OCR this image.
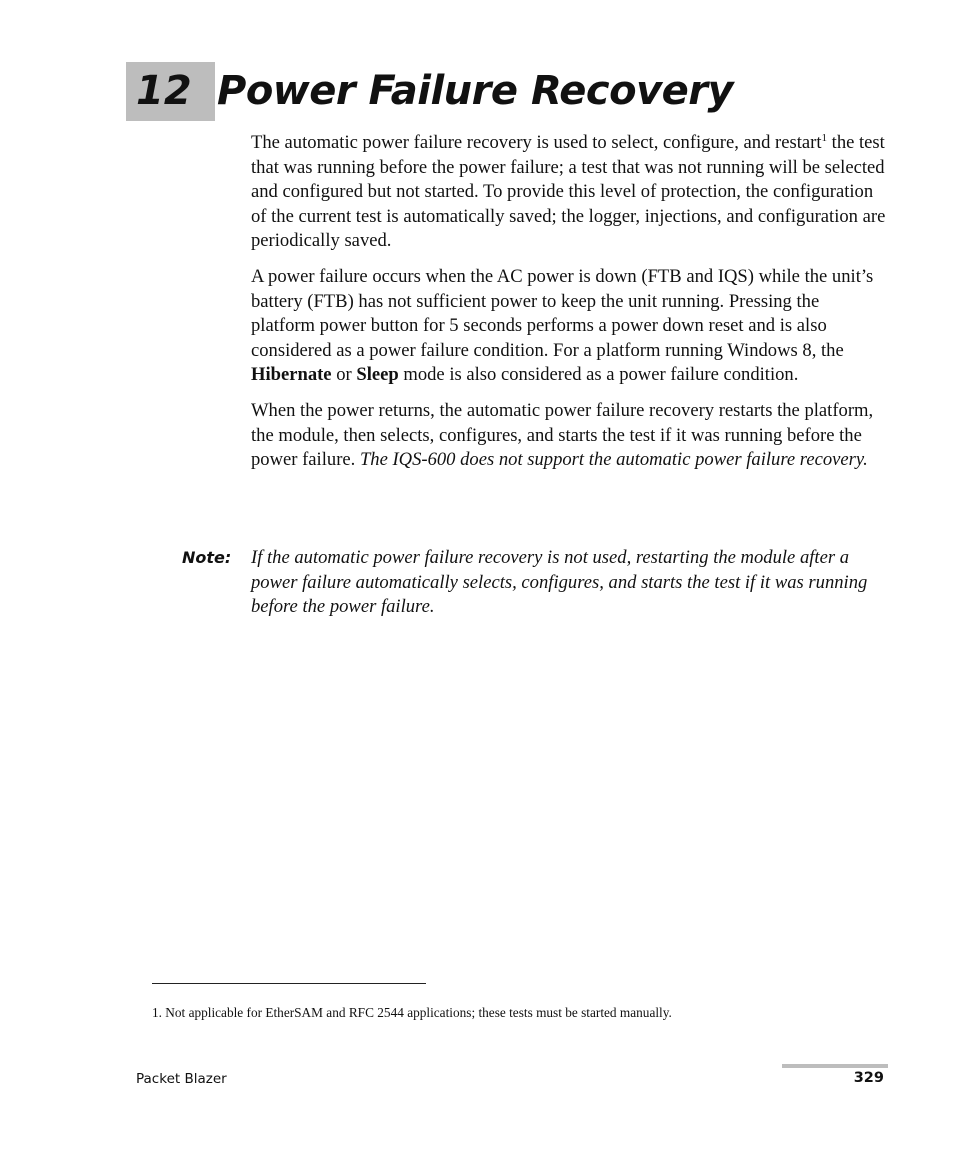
12 Power Failure Recovery

The automatic power failure recovery is used to select, configure, and restart$^1$ the test that was running before the power failure; a test that was not running will be selected and configured but not started. To provide this level of protection, the configuration of the current test is automatically saved; the logger, injections, and configuration are periodically saved.

A power failure occurs when the AC power is down (FTB and IQS) while the unit’s battery (FTB) has not sufficient power to keep the unit running. Pressing the platform power button for 5 seconds performs a power down reset and is also considered as a power failure condition. For a platform running Windows 8, the Hibernate or Sleep mode is also considered as a power failure condition.

When the power returns, the automatic power failure recovery restarts the platform, the module, then selects, configures, and starts the test if it was running before the power failure. The IQS-600 does not support the automatic power failure recovery.

Note: If the automatic power failure recovery is not used, restarting the module after a power failure automatically selects, configures, and starts the test if it was running before the power failure.
1. Not applicable for EtherSAM and RFC 2544 applications; these tests must be started manually.
Packet Blazer	329
